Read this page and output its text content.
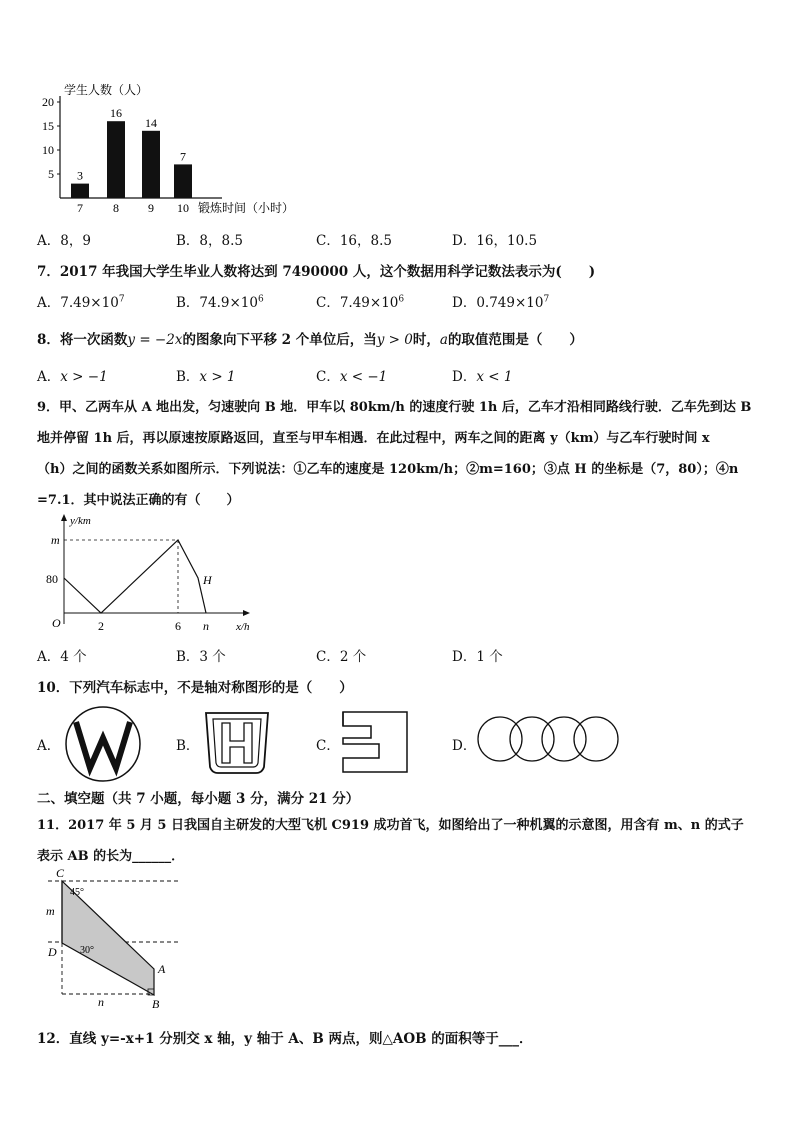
学生人数（人）
锻炼时间（小时）
5
10
15
20
3
7
16
8
14
9
7
10
A．8，9	B．8，8.5	C．16，8.5	D．16，10.5
7．2017 年我国大学生毕业人数将达到 7490000 人，这个数据用科学记数法表示为(　　)
A．$7.49\times 10^7$	B．$74.9\times 10^6$	C．$7.49\times 10^6$	D．$0.749\times 10^7$
8．将一次函数y = −2x的图象向下平移 2 个单位后，当y > 0时，a的取值范围是（　　）
A．x > −1	B．x > 1	C．x < −1	D．x < 1
9．甲、乙两车从 A 地出发，匀速驶向 B 地．甲车以 80km/h 的速度行驶 1h 后，乙车才沿相同路线行驶．乙车先到达 B
地并停留 1h 后，再以原速按原路返回，直至与甲车相遇．在此过程中，两车之间的距离 y（km）与乙车行驶时间 x
（h）之间的函数关系如图所示．下列说法：①乙车的速度是 120km/h；②m=160；③点 H 的坐标是（7，80）；④n
=7.1．其中说法正确的有（　　）
y/km
x/h
m
80
O	2	6 n
H
A．4 个	B．3 个	C．2 个	D．1 个
10．下列汽车标志中，不是轴对称图形的是（　　）
A．	B．	C．	D．
二、填空题（共 7 小题，每小题 3 分，满分 21 分）
11．2017 年 5 月 5 日我国自主研发的大型飞机 C919 成功首飞，如图给出了一种机翼的示意图，用含有 m、n 的式子
表示 AB 的长为______．
C
D
A
B
m
n
45°
30°
12．直线 y=-x+1 分别交 x 轴，y 轴于 A、B 两点，则△AOB 的面积等于___．
